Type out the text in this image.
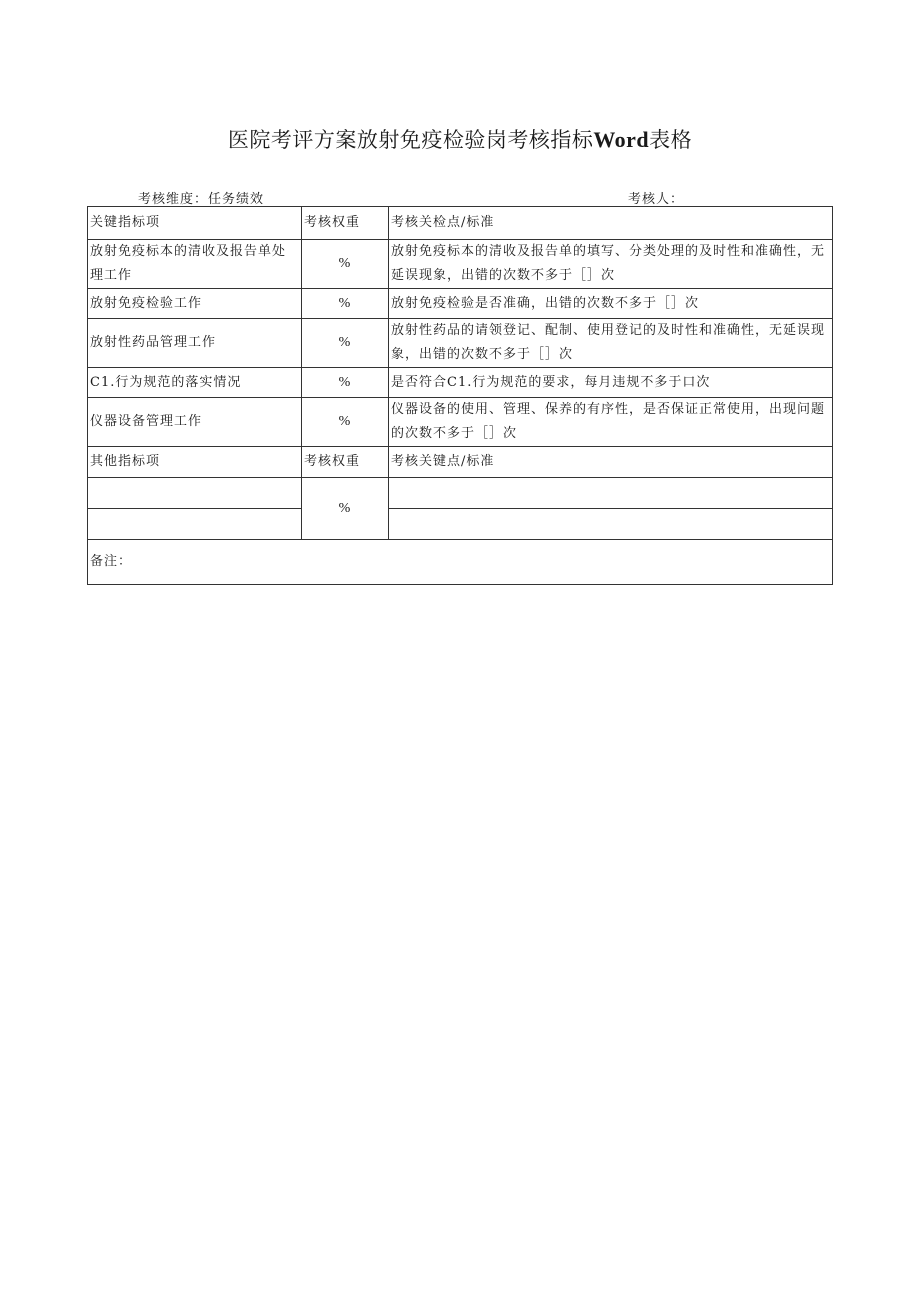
医院考评方案放射免疫检验岗考核指标Word表格
考核维度：任务绩效	考核人：
关键指标项	考核权重	考核关检点/标准
放射免疫标本的清收及报告单处理工作	%	放射免疫标本的清收及报告单的填写、分类处理的及时性和准确性，无延误现象，出错的次数不多于［］次
放射免疫检验工作	%	放射免疫检验是否准确，出错的次数不多于［］次
放射性药品管理工作	%	放射性药品的请领登记、配制、使用登记的及时性和准确性，无延误现象，出错的次数不多于［］次
C1.行为规范的落实情况	%	是否符合C1.行为规范的要求，每月违规不多于口次
仪器设备管理工作	%	仪器设备的使用、管理、保养的有序性，是否保证正常使用，出现问题的次数不多于［］次
其他指标项	考核权重	考核关键点/标准
	%	

备注：		
